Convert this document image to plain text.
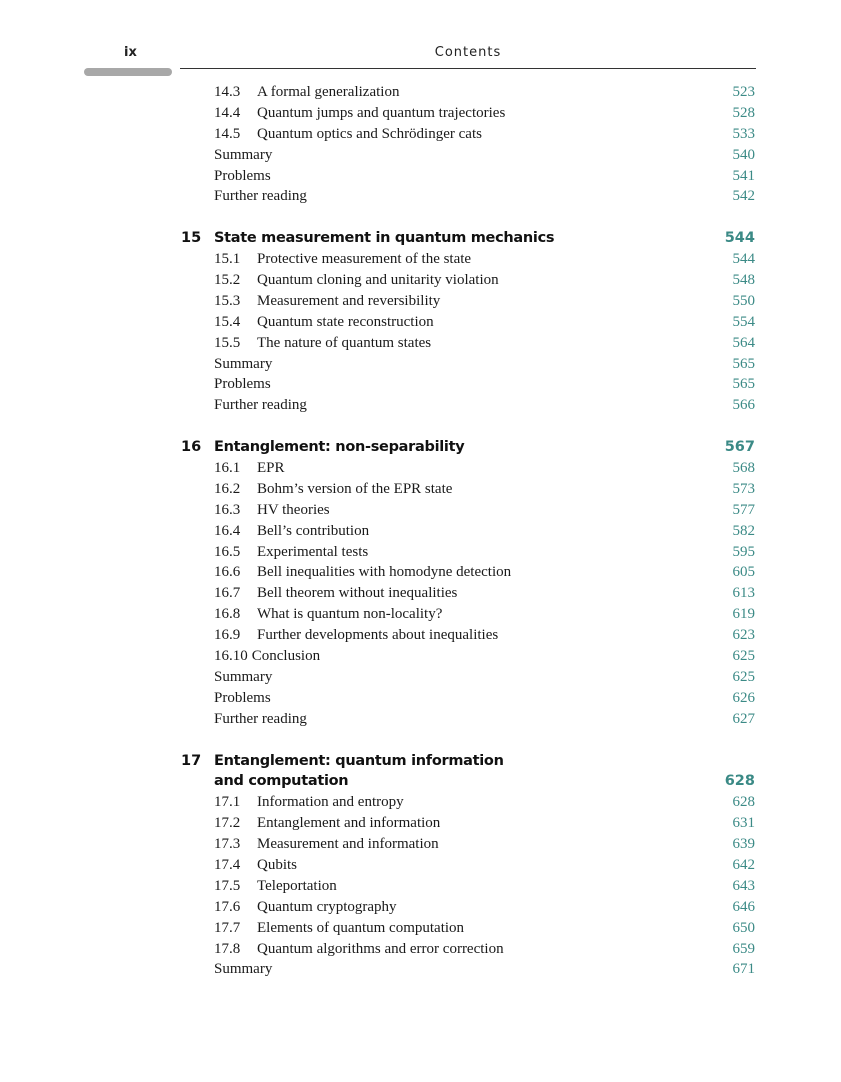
ix	Contents
14.3 A formal generalization	523
14.4 Quantum jumps and quantum trajectories	528
14.5 Quantum optics and Schrödinger cats	533
Summary	540
Problems	541
Further reading	542
15 State measurement in quantum mechanics	544
15.1 Protective measurement of the state	544
15.2 Quantum cloning and unitarity violation	548
15.3 Measurement and reversibility	550
15.4 Quantum state reconstruction	554
15.5 The nature of quantum states	564
Summary	565
Problems	565
Further reading	566
16 Entanglement: non-separability	567
16.1 EPR	568
16.2 Bohm’s version of the EPR state	573
16.3 HV theories	577
16.4 Bell’s contribution	582
16.5 Experimental tests	595
16.6 Bell inequalities with homodyne detection	605
16.7 Bell theorem without inequalities	613
16.8 What is quantum non-locality?	619
16.9 Further developments about inequalities	623
16.10 Conclusion	625
Summary	625
Problems	626
Further reading	627
17 Entanglement: quantum information
and computation	628
17.1 Information and entropy	628
17.2 Entanglement and information	631
17.3 Measurement and information	639
17.4 Qubits	642
17.5 Teleportation	643
17.6 Quantum cryptography	646
17.7 Elements of quantum computation	650
17.8 Quantum algorithms and error correction	659
Summary	671
